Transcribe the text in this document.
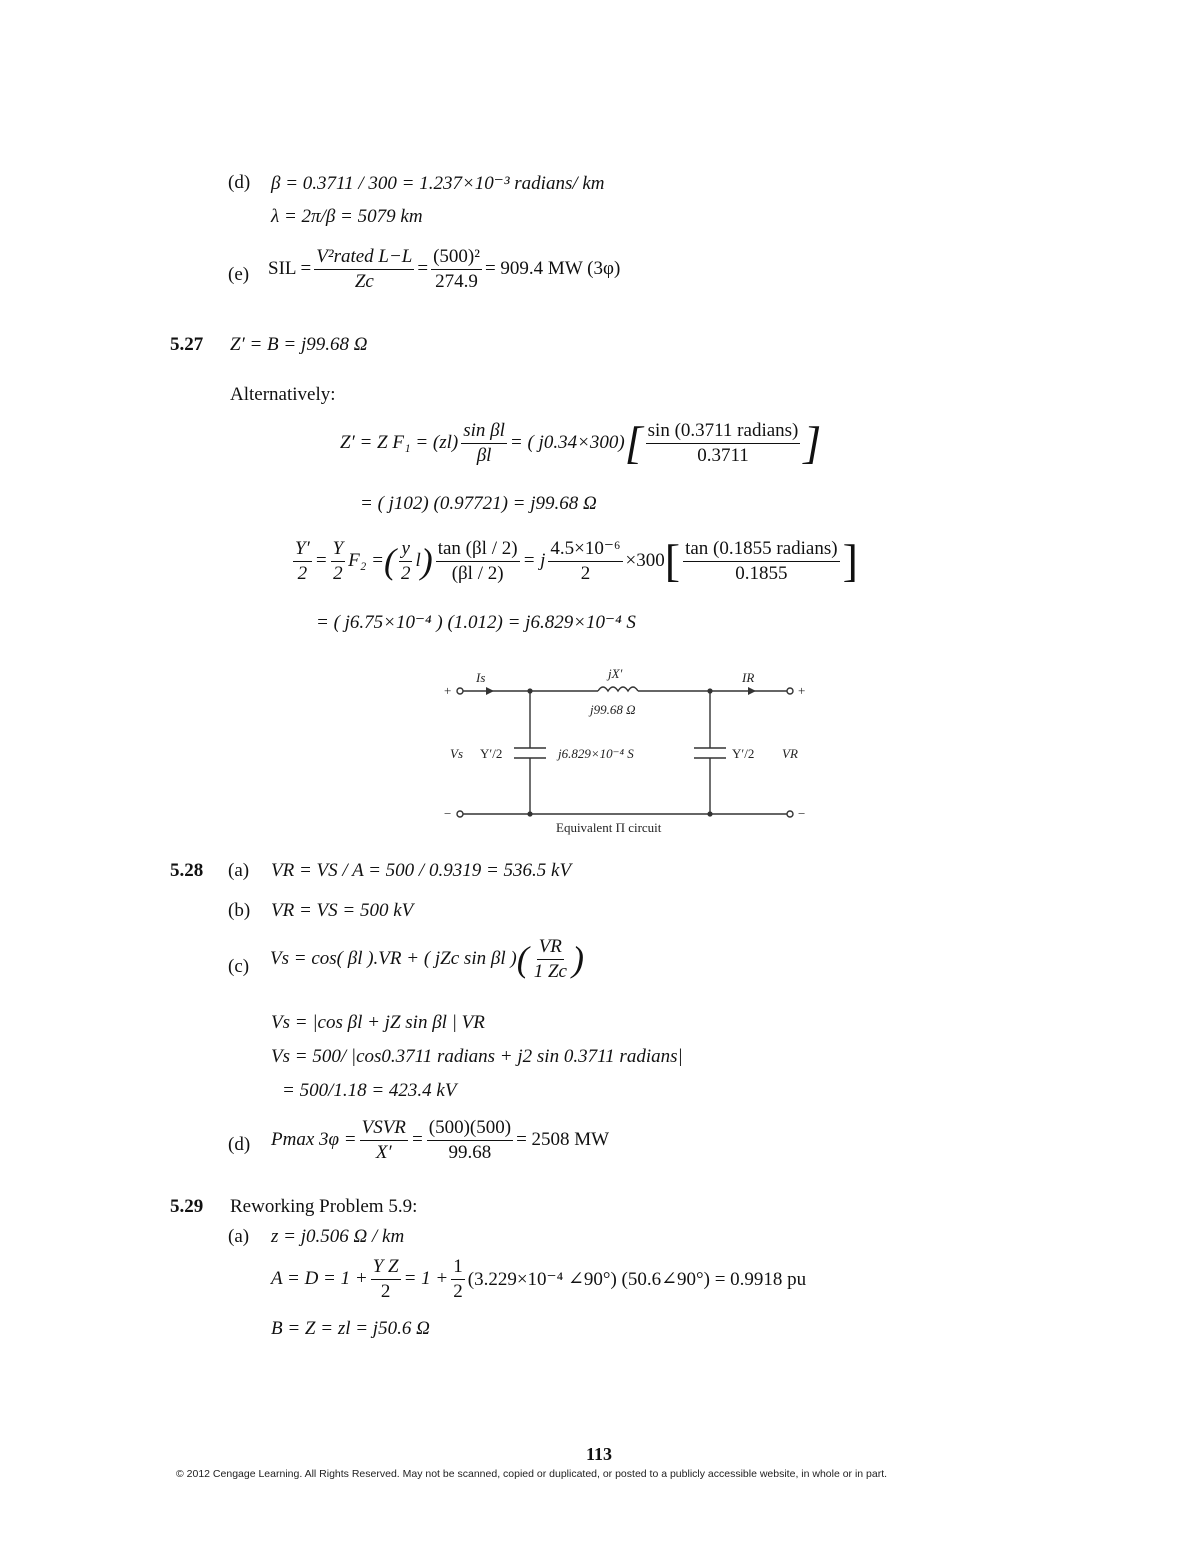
(d) β = 0.3711 / 300 = 1.237×10⁻³ radians/ km
λ = 2π/β = 5079 km
(e) SIL = $\frac{\text{V²rated L−L}}{Zc} = \frac{\text{(500)²}}{274.9} = 909.4$ MW (3φ)
5.27 Z′ = B = j99.68 Ω
Alternatively:
Z′ = Z $F_1 = (zl) \frac{\text{sin βl}}{\beta l}$ = ( j0.34×300) [ $\frac{\text{sin (0.3711 radians)}}{0.3711}$ ]
= ( j102) (0.97721) = j99.68 Ω
$\frac{Y'}{2} = \frac{Y}{2} F_2$ = ( $\frac{y}{2}$ l ) $\frac{\tan (\beta l / 2)}{(\beta l / 2)} = j \frac{\text{4.5×10⁻⁶}}{2} \times 300$ [ $\frac{\text{tan (0.1855 radians)}}{0.1855}$ ]
= ( j6.75×10⁻⁴ ) (1.012) = j6.829×10⁻⁴ S
+	+
−	−
Is	IR
jX′
j99.68 Ω
Vs Y′/2	j6.829×10⁻⁴ S	Y′/2 VR
Equivalent Π circuit
5.28 (a) VR = VS / A = 500 / 0.9319 = 536.5 kV
(b) VR = VS = 500 kV
(c) Vs = cos( βl ).VR + ( jZc sin βl ) ( $\frac{VR}{1 Zc}$ )
Vs = |cos βl + jZ sin βl | VR
Vs = 500/ |cos0.3711 radians + j2 sin 0.3711 radians|
= 500/1.18 = 423.4 kV
(d) Pmax $3\varphi = \frac{\text{VSVR}}{X'} = \frac{(500)(500)}{99.68} = 2508$ MW
5.29 Reworking Problem 5.9:
(a) z = j0.506 Ω / km
$A = D = 1 + \frac{\text{Y Z}}{2} = 1 + \frac{1}{2} (3.229\times 10^{-4}$ ∠90°) (50.6∠90°) = 0.9918 pu
B = Z = zl = j50.6 Ω
113
© 2012 Cengage Learning. All Rights Reserved. May not be scanned, copied or duplicated, or posted to a publicly accessible website, in whole or in part.
